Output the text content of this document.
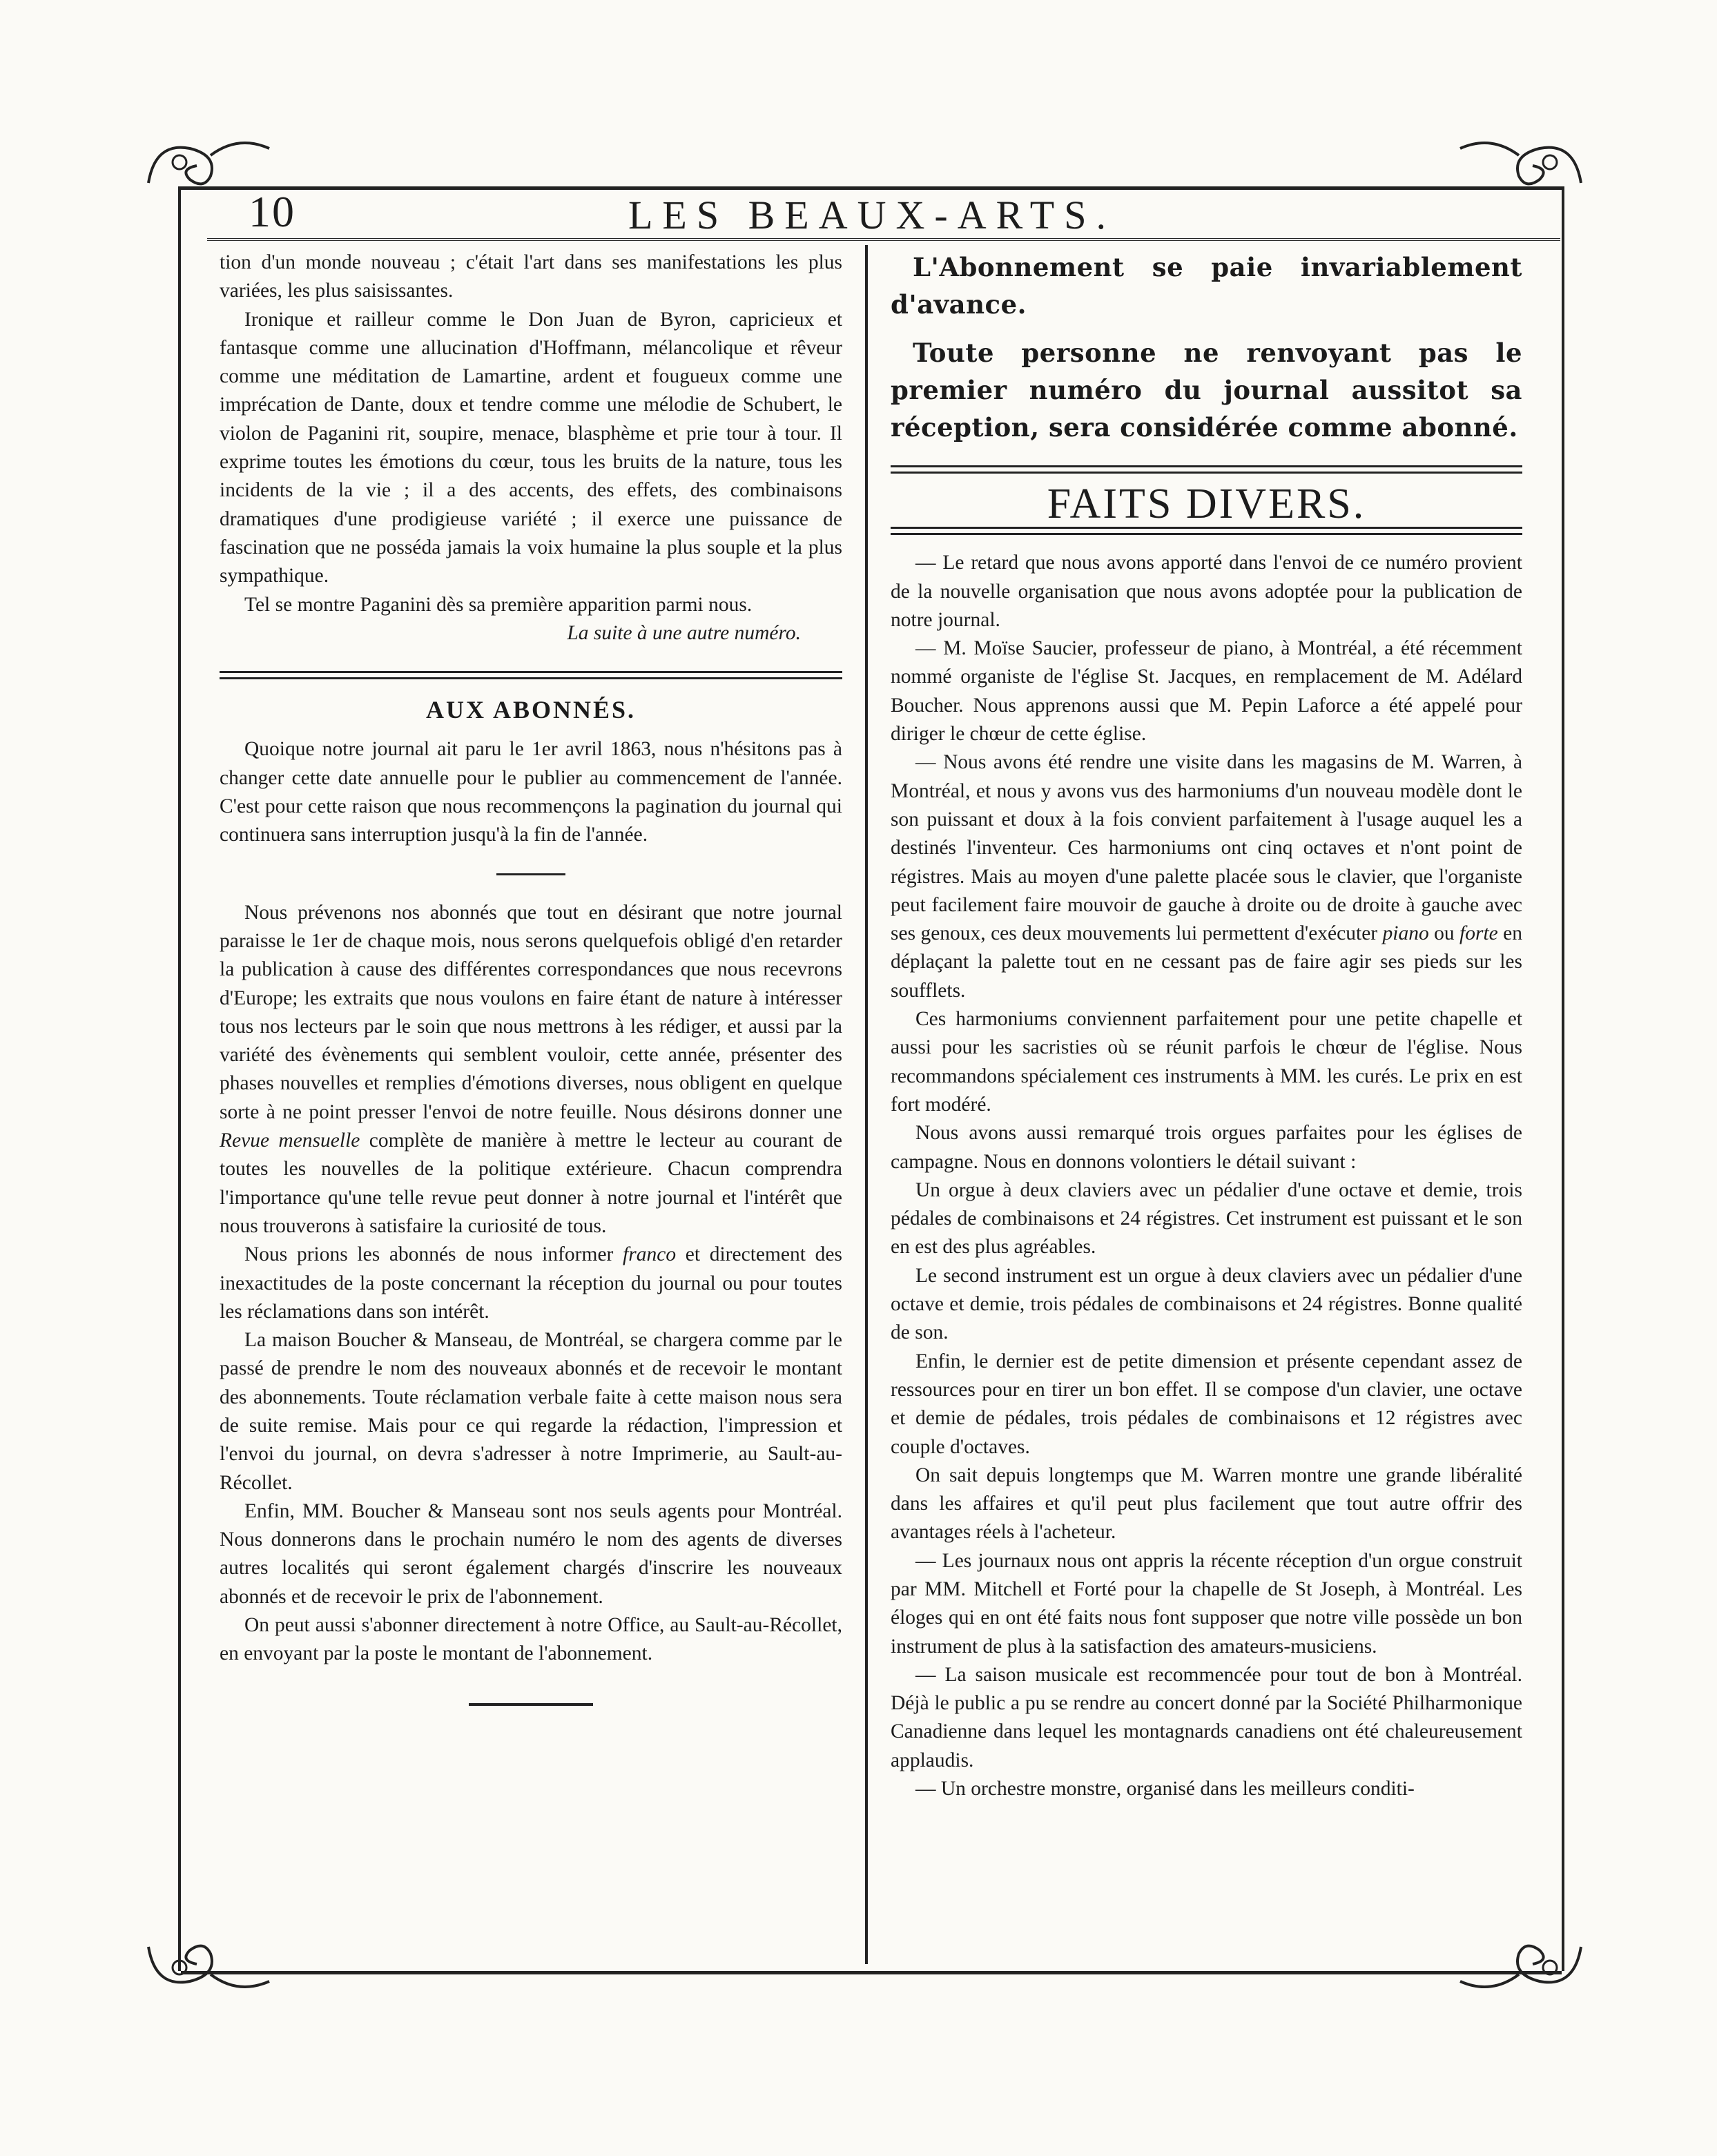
10	LES BEAUX-ARTS.

tion d'un monde nouveau ; c'était l'art dans ses manifestations les plus variées, les plus saisissantes.

Ironique et railleur comme le Don Juan de Byron, capricieux et fantasque comme une allucination d'Hoffmann, mélancolique et rêveur comme une méditation de Lamartine, ardent et fougueux comme une imprécation de Dante, doux et tendre comme une mélodie de Schubert, le violon de Paganini rit, soupire, menace, blasphème et prie tour à tour. Il exprime toutes les émotions du cœur, tous les bruits de la nature, tous les incidents de la vie ; il a des accents, des effets, des combinaisons dramatiques d'une prodigieuse variété ; il exerce une puissance de fascination que ne posséda jamais la voix humaine la plus souple et la plus sympathique.

Tel se montre Paganini dès sa première apparition parmi nous.

La suite à une autre numéro.

AUX ABONNÉS.

Quoique notre journal ait paru le 1er avril 1863, nous n'hésitons pas à changer cette date annuelle pour le publier au commencement de l'année. C'est pour cette raison que nous recommençons la pagination du journal qui continuera sans interruption jusqu'à la fin de l'année.

Nous prévenons nos abonnés que tout en désirant que notre journal paraisse le 1er de chaque mois, nous serons quelquefois obligé d'en retarder la publication à cause des différentes correspondances que nous recevrons d'Europe; les extraits que nous voulons en faire étant de nature à intéresser tous nos lecteurs par le soin que nous mettrons à les rédiger, et aussi par la variété des évènements qui semblent vouloir, cette année, présenter des phases nouvelles et remplies d'émotions diverses, nous obligent en quelque sorte à ne point presser l'envoi de notre feuille. Nous désirons donner une Revue mensuelle complète de manière à mettre le lecteur au courant de toutes les nouvelles de la politique extérieure. Chacun comprendra l'importance qu'une telle revue peut donner à notre journal et l'intérêt que nous trouverons à satisfaire la curiosité de tous.

Nous prions les abonnés de nous informer franco et directement des inexactitudes de la poste concernant la réception du journal ou pour toutes les réclamations dans son intérêt.

La maison Boucher & Manseau, de Montréal, se chargera comme par le passé de prendre le nom des nouveaux abonnés et de recevoir le montant des abonnements. Toute réclamation verbale faite à cette maison nous sera de suite remise. Mais pour ce qui regarde la rédaction, l'impression et l'envoi du journal, on devra s'adresser à notre Imprimerie, au Sault-au-Récollet.

Enfin, MM. Boucher & Manseau sont nos seuls agents pour Montréal. Nous donnerons dans le prochain numéro le nom des agents de diverses autres localités qui seront également chargés d'inscrire les nouveaux abonnés et de recevoir le prix de l'abonnement.

On peut aussi s'abonner directement à notre Office, au Sault-au-Récollet, en envoyant par la poste le montant de l'abonnement.

L'Abonnement se paie invariablement d'avance.

Toute personne ne renvoyant pas le premier numéro du journal aussitot sa réception, sera considérée comme abonné.

FAITS DIVERS.

— Le retard que nous avons apporté dans l'envoi de ce numéro provient de la nouvelle organisation que nous avons adoptée pour la publication de notre journal.

— M. Moïse Saucier, professeur de piano, à Montréal, a été récemment nommé organiste de l'église St. Jacques, en remplacement de M. Adélard Boucher. Nous apprenons aussi que M. Pepin Laforce a été appelé pour diriger le chœur de cette église.

— Nous avons été rendre une visite dans les magasins de M. Warren, à Montréal, et nous y avons vus des harmoniums d'un nouveau modèle dont le son puissant et doux à la fois convient parfaitement à l'usage auquel les a destinés l'inventeur. Ces harmoniums ont cinq octaves et n'ont point de régistres. Mais au moyen d'une palette placée sous le clavier, que l'organiste peut facilement faire mouvoir de gauche à droite ou de droite à gauche avec ses genoux, ces deux mouvements lui permettent d'exécuter piano ou forte en déplaçant la palette tout en ne cessant pas de faire agir ses pieds sur les soufflets.

Ces harmoniums conviennent parfaitement pour une petite chapelle et aussi pour les sacristies où se réunit parfois le chœur de l'église. Nous recommandons spécialement ces instruments à MM. les curés. Le prix en est fort modéré.

Nous avons aussi remarqué trois orgues parfaites pour les églises de campagne. Nous en donnons volontiers le détail suivant :

Un orgue à deux claviers avec un pédalier d'une octave et demie, trois pédales de combinaisons et 24 régistres. Cet instrument est puissant et le son en est des plus agréables.

Le second instrument est un orgue à deux claviers avec un pédalier d'une octave et demie, trois pédales de combinaisons et 24 régistres. Bonne qualité de son.

Enfin, le dernier est de petite dimension et présente cependant assez de ressources pour en tirer un bon effet. Il se compose d'un clavier, une octave et demie de pédales, trois pédales de combinaisons et 12 régistres avec couple d'octaves.

On sait depuis longtemps que M. Warren montre une grande libéralité dans les affaires et qu'il peut plus facilement que tout autre offrir des avantages réels à l'acheteur.

— Les journaux nous ont appris la récente réception d'un orgue construit par MM. Mitchell et Forté pour la chapelle de St Joseph, à Montréal. Les éloges qui en ont été faits nous font supposer que notre ville possède un bon instrument de plus à la satisfaction des amateurs-musiciens.

— La saison musicale est recommencée pour tout de bon à Montréal. Déjà le public a pu se rendre au concert donné par la Société Philharmonique Canadienne dans lequel les montagnards canadiens ont été chaleureusement applaudis.

— Un orchestre monstre, organisé dans les meilleurs conditi-
